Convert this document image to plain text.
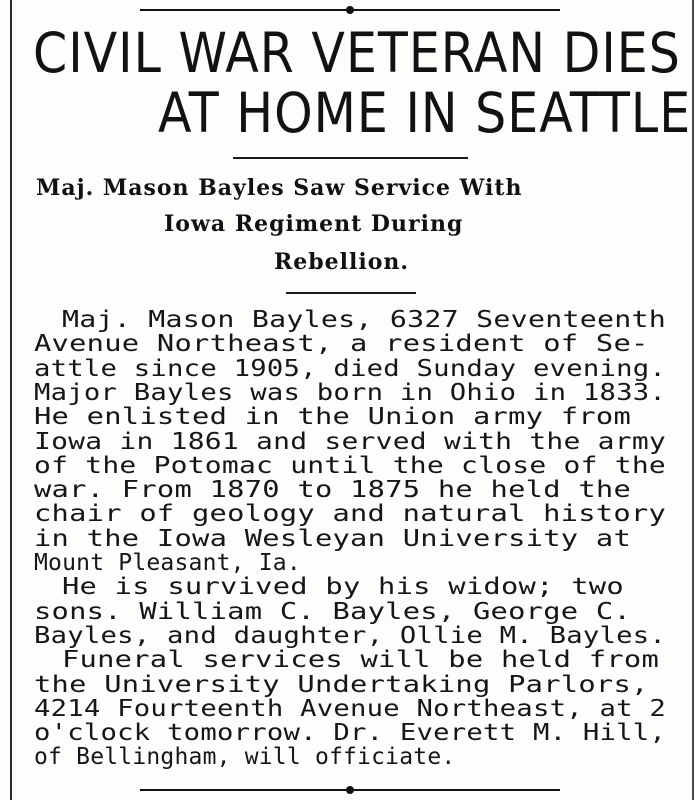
CIVIL WAR VETERAN DIES
AT HOME IN SEATTLE
Maj. Mason Bayles Saw Service With
Iowa Regiment During
Rebellion.
Maj. Mason Bayles, 6327 Seventeenth
Avenue Northeast, a resident of Se-
attle since 1905, died Sunday evening.
Major Bayles was born in Ohio in 1833.
He enlisted in the Union army from
Iowa in 1861 and served with the army
of the Potomac until the close of the
war. From 1870 to 1875 he held the
chair of geology and natural history
in the Iowa Wesleyan University at
Mount Pleasant, Ia.
He is survived by his widow; two
sons. William C. Bayles, George C.
Bayles, and daughter, Ollie M. Bayles.
Funeral services will be held from
the University Undertaking Parlors,
4214 Fourteenth Avenue Northeast, at 2
o'clock tomorrow. Dr. Everett M. Hill,
of Bellingham, will officiate.
